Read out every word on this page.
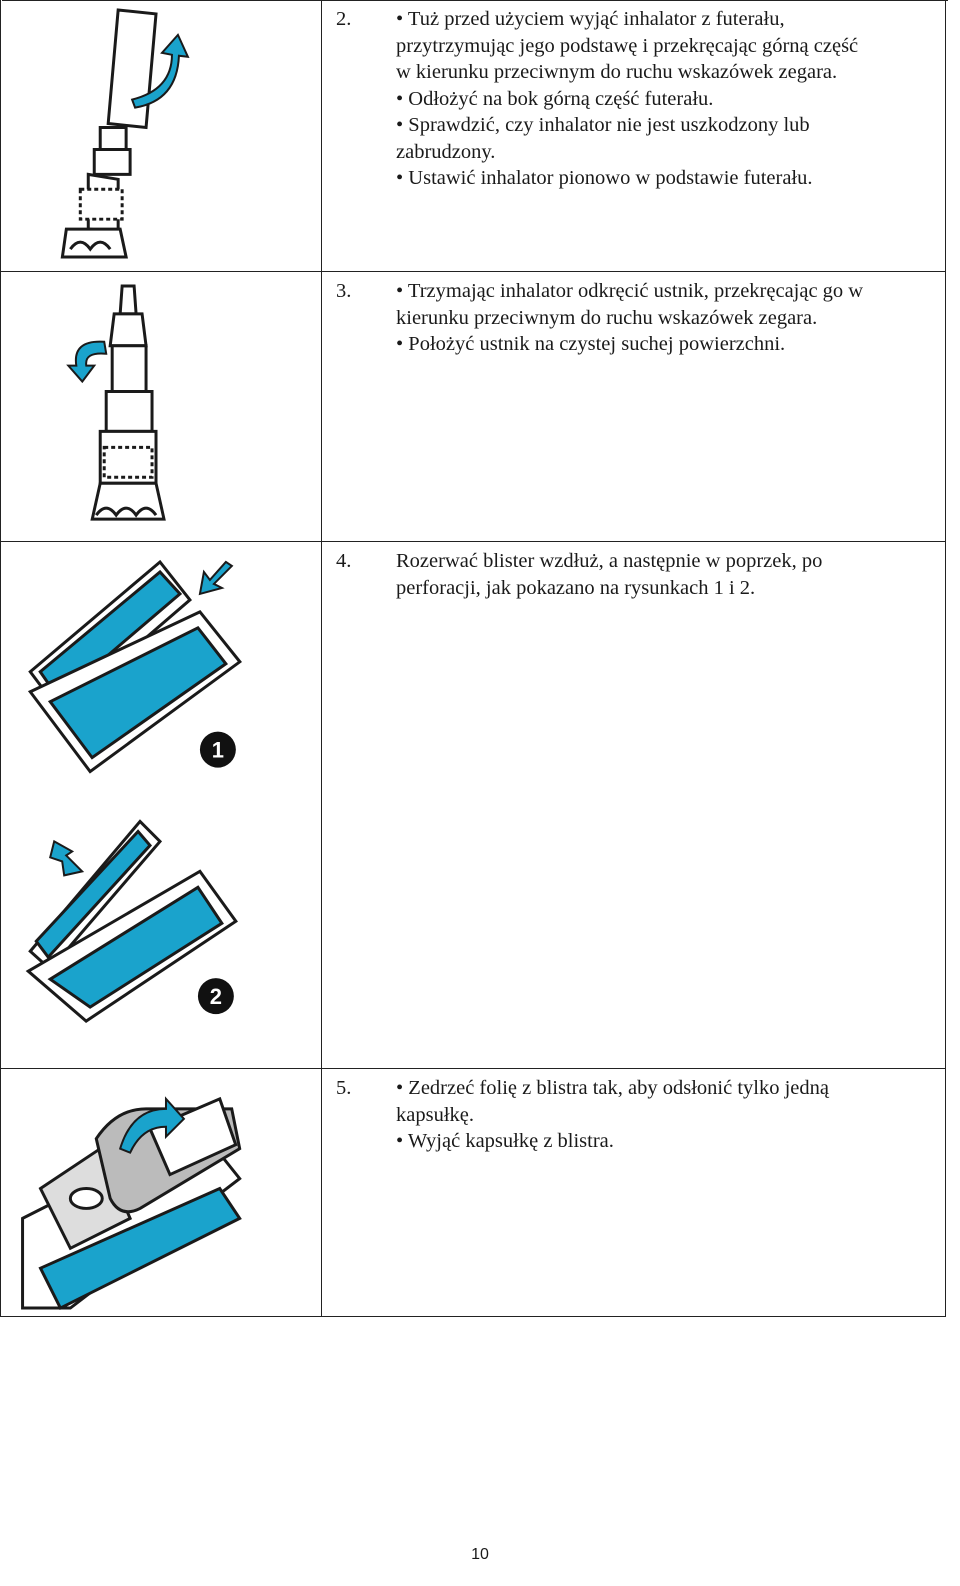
2.	• Tuż przed użyciem wyjąć inhalator z futerału,
przytrzymując jego podstawę i przekręcając górną część
w kierunku przeciwnym do ruchu wskazówek zegara.
• Odłożyć na bok górną część futerału.
• Sprawdzić, czy inhalator nie jest uszkodzony lub
zabrudzony.
• Ustawić inhalator pionowo w podstawie futerału.
3.	• Trzymając inhalator odkręcić ustnik, przekręcając go w
kierunku przeciwnym do ruchu wskazówek zegara.
• Położyć ustnik na czystej suchej powierzchni.
1
2
4.	Rozerwać blister wzdłuż, a następnie w poprzek, po
perforacji, jak pokazano na rysunkach 1 i 2.
5.	• Zedrzeć folię z blistra tak, aby odsłonić tylko jedną
kapsułkę.
• Wyjąć kapsułkę z blistra.
10
